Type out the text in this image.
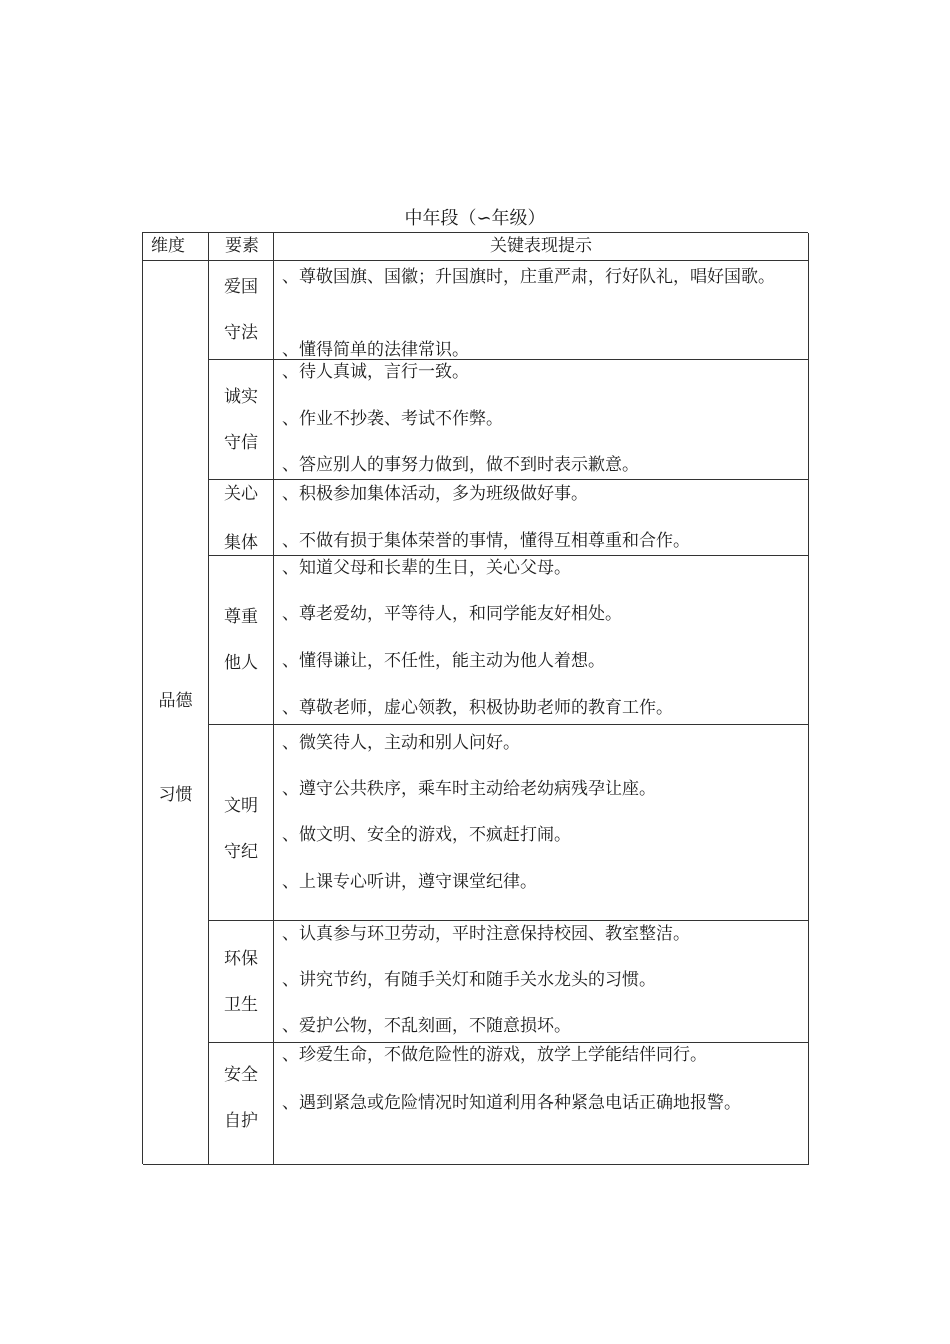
中年段（∽年级）
维度	要素	关键表现提示
品德
习惯
爱国
守法
、尊敬国旗、国徽；升国旗时，庄重严肃，行好队礼，唱好国歌。
、懂得简单的法律常识。
诚实
守信
、待人真诚，言行一致。
、作业不抄袭、考试不作弊。
、答应别人的事努力做到，做不到时表示歉意。
关心
集体
、积极参加集体活动，多为班级做好事。
、不做有损于集体荣誉的事情，懂得互相尊重和合作。
尊重
他人
、知道父母和长辈的生日，关心父母。
、尊老爱幼，平等待人，和同学能友好相处。
、懂得谦让，不任性，能主动为他人着想。
、尊敬老师，虚心领教，积极协助老师的教育工作。
文明
守纪
、微笑待人，主动和别人问好。
、遵守公共秩序，乘车时主动给老幼病残孕让座。
、做文明、安全的游戏，不疯赶打闹。
、上课专心听讲，遵守课堂纪律。
环保
卫生
、认真参与环卫劳动，平时注意保持校园、教室整洁。
、讲究节约，有随手关灯和随手关水龙头的习惯。
、爱护公物，不乱刻画，不随意损坏。
安全
自护
、珍爱生命，不做危险性的游戏，放学上学能结伴同行。
、遇到紧急或危险情况时知道利用各种紧急电话正确地报警。
